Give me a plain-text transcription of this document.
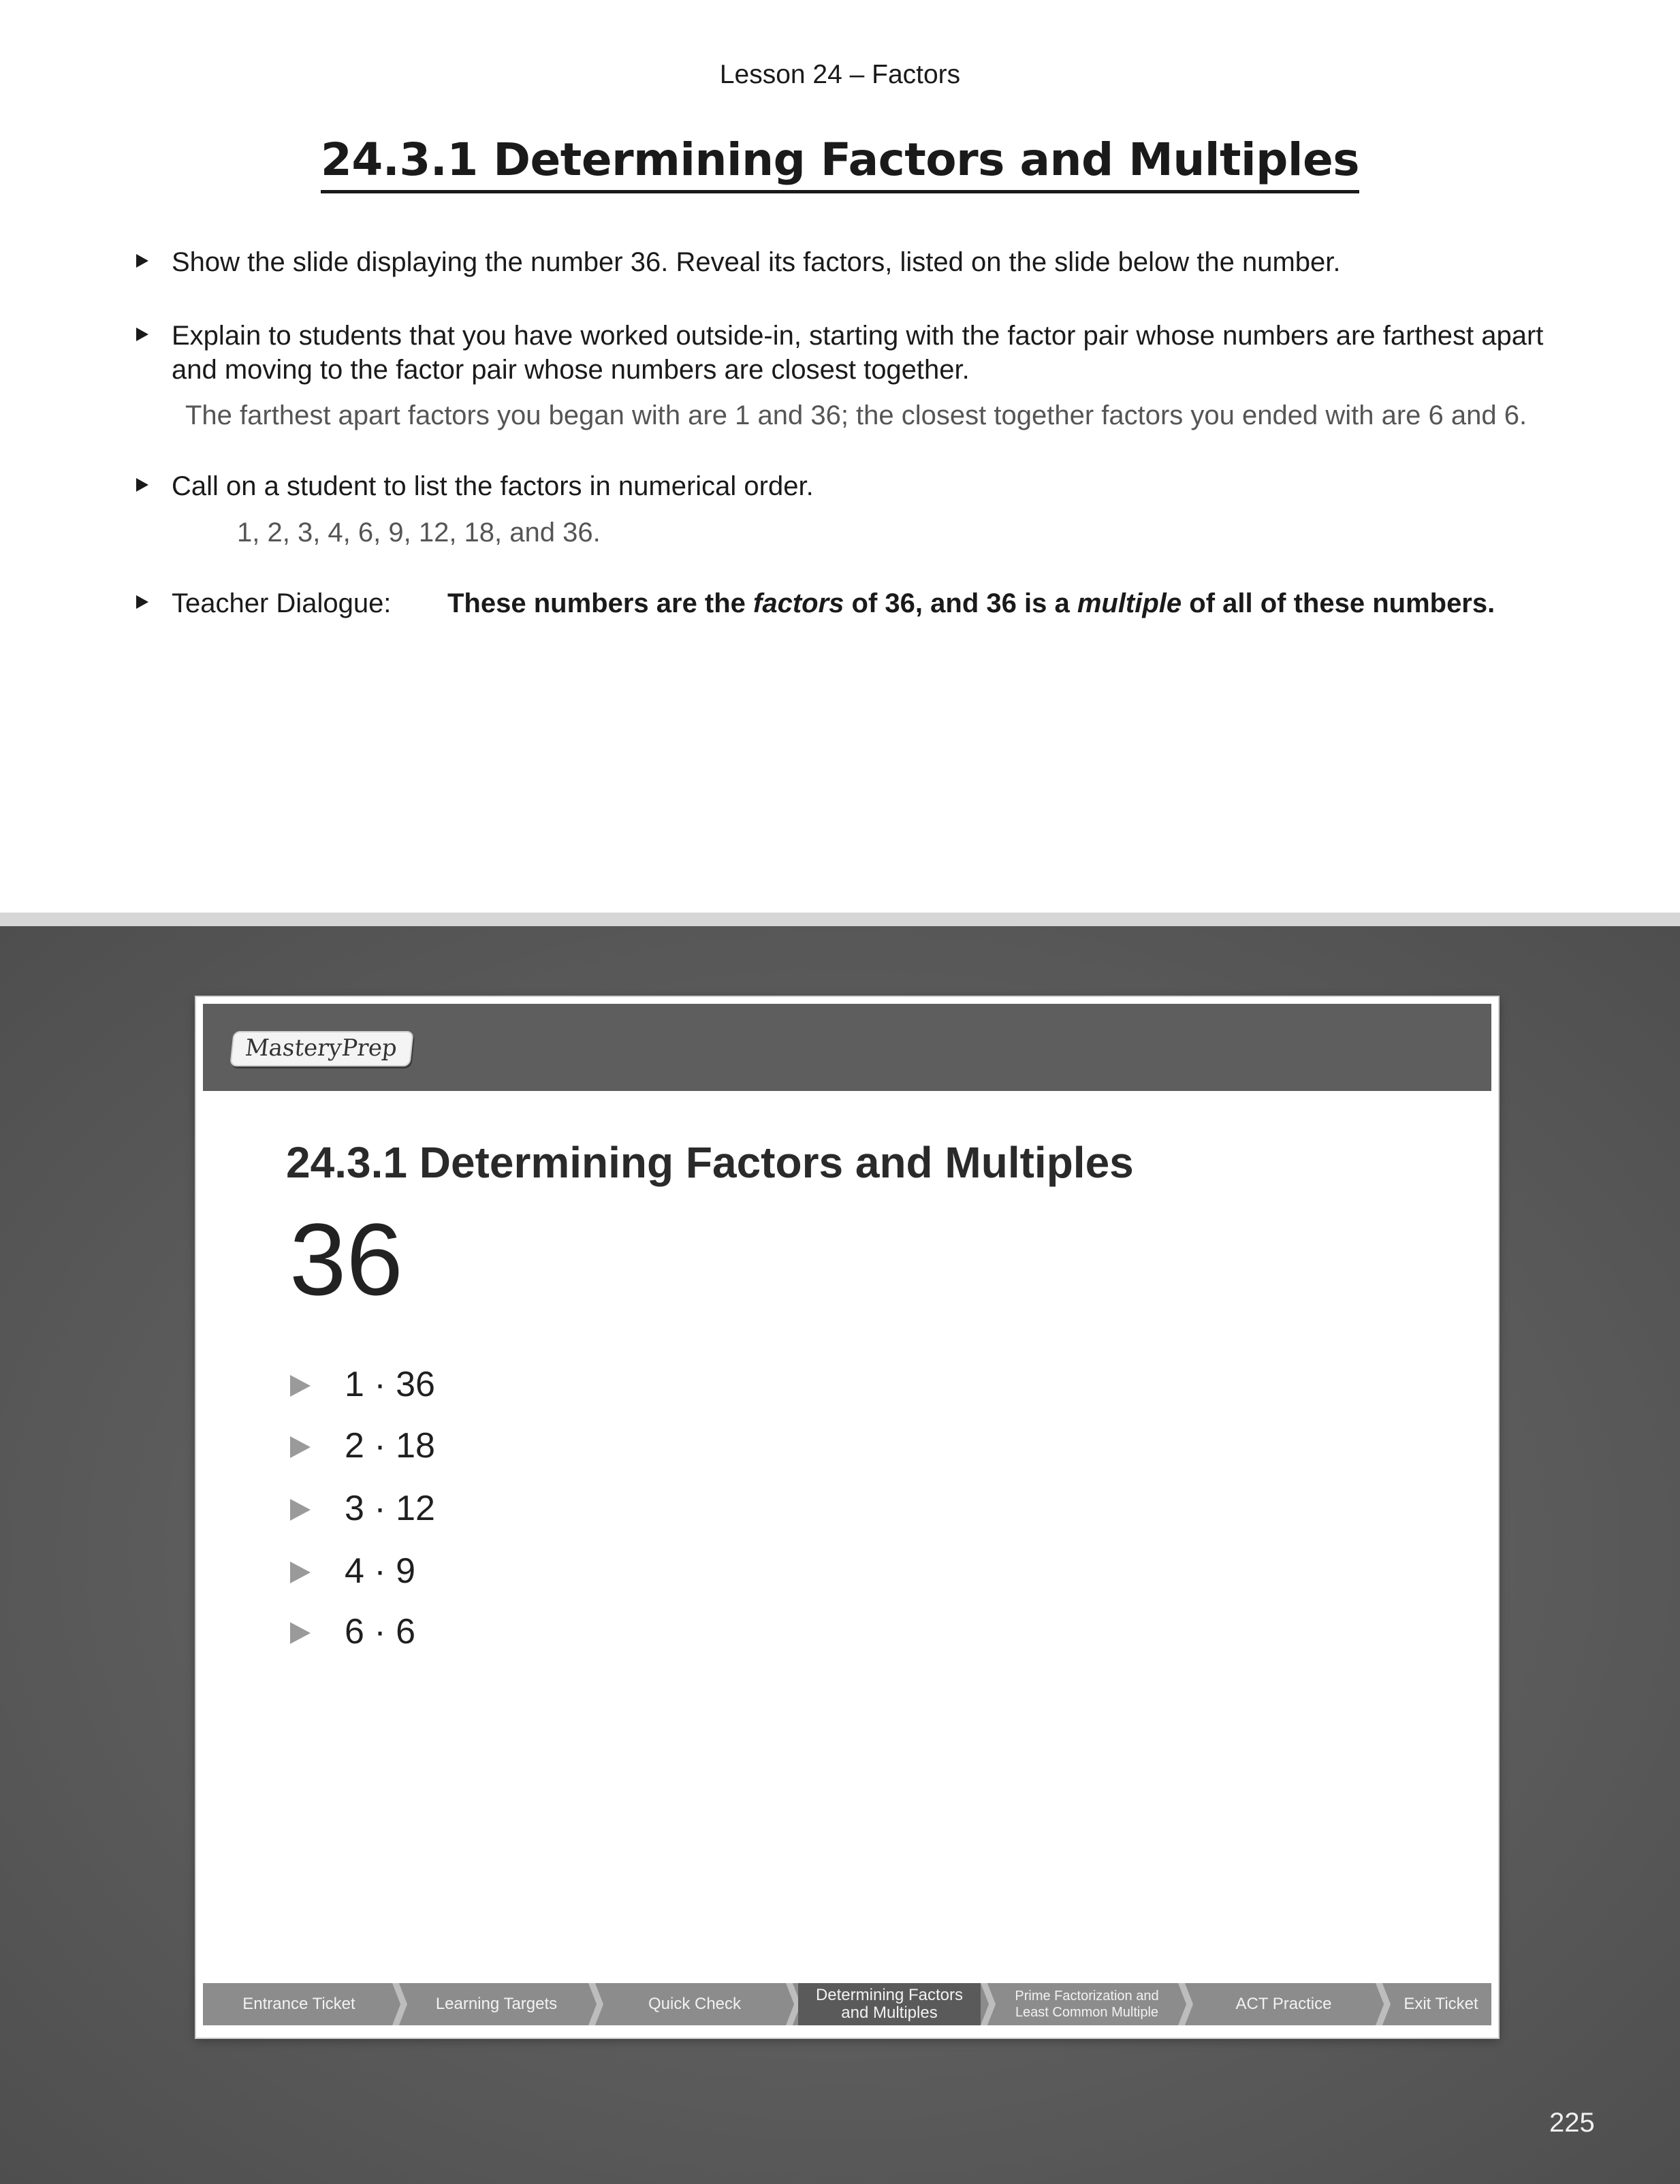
Lesson 24 – Factors
24.3.1 Determining Factors and Multiples
Show the slide displaying the number 36. Reveal its factors, listed on the slide below the number.
Explain to students that you have worked outside-in, starting with the factor pair whose numbers are farthest apart and moving to the factor pair whose numbers are closest together.
The farthest apart factors you began with are 1 and 36; the closest together factors you ended with are 6 and 6.
Call on a student to list the factors in numerical order.
1, 2, 3, 4, 6, 9, 12, 18, and 36.
Teacher Dialogue: These numbers are the factors of 36, and 36 is a multiple of all of these numbers.
MasteryPrep
24.3.1 Determining Factors and Multiples
36
1 · 36
2 · 18
3 · 12
4 · 9
6 · 6
Entrance Ticket	Learning Targets	Quick Check	Determining Factors
and Multiples
Prime Factorization and
Least Common Multiple	ACT Practice	Exit Ticket
225
